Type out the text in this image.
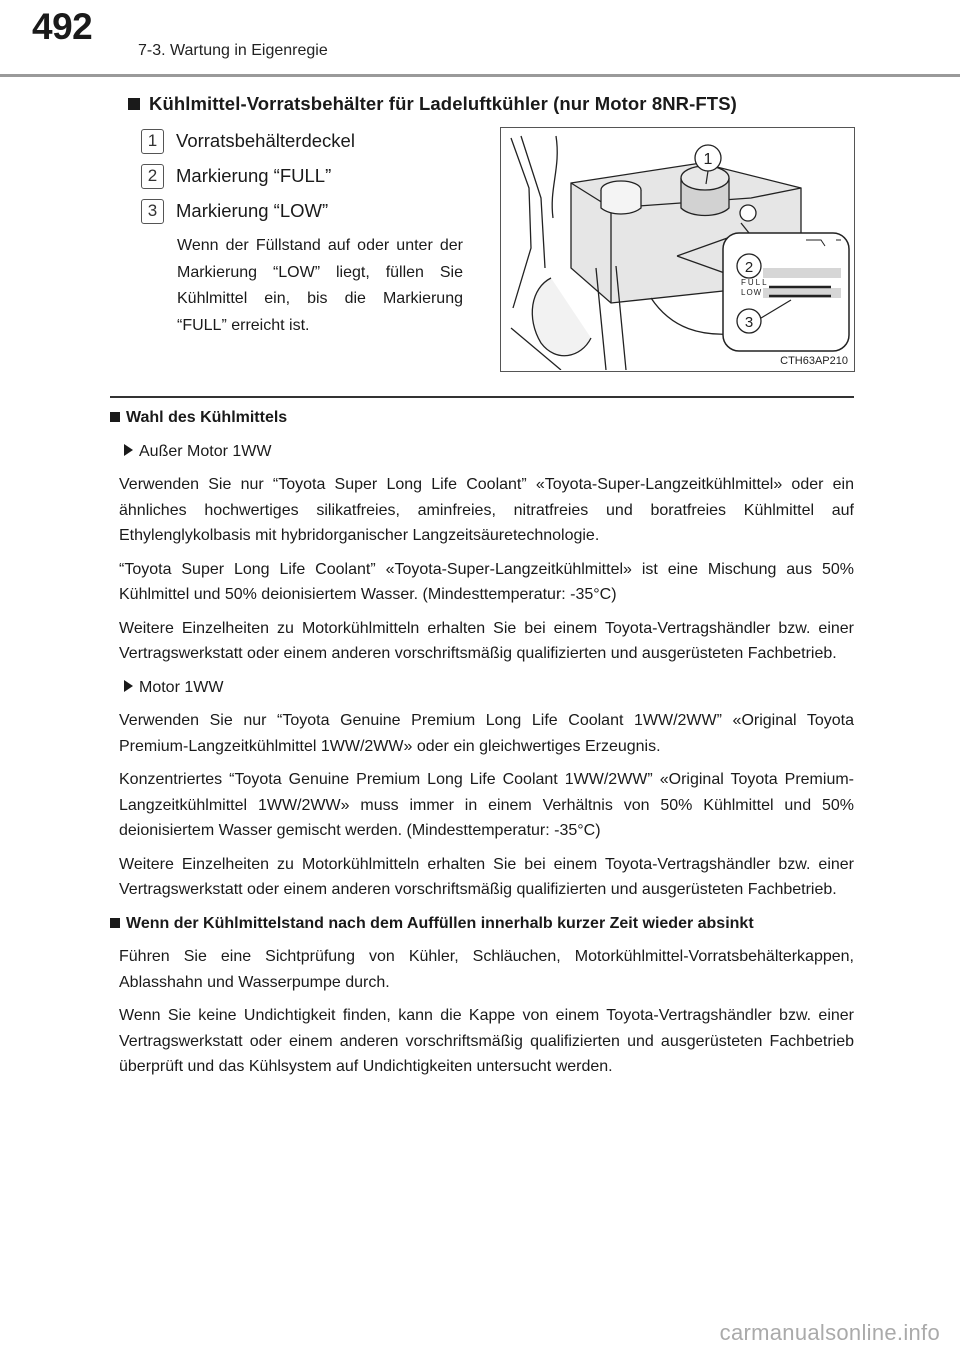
492
7-3. Wartung in Eigenregie
Kühlmittel-Vorratsbehälter für Ladeluftkühler (nur Motor 8NR-FTS)
1	Vorratsbehälterdeckel
2	Markierung “FULL”
3	Markierung “LOW”
Wenn der Füllstand auf oder unter der Markierung “LOW” liegt, füllen Sie Kühlmittel ein, bis die Markierung “FULL” erreicht ist.
1
FULL
LOW
2
3
CTH63AP210
Wahl des Kühlmittels
Außer Motor 1WW
Verwenden Sie nur “Toyota Super Long Life Coolant” «Toyota-Super-Langzeitkühlmittel» oder ein ähnliches hochwertiges silikatfreies, aminfreies, nitratfreies und boratfreies Kühlmittel auf Ethylenglykolbasis mit hybridorganischer Langzeitsäuretechnologie.
“Toyota Super Long Life Coolant” «Toyota-Super-Langzeitkühlmittel» ist eine Mischung aus 50% Kühlmittel und 50% deionisiertem Wasser. (Mindesttemperatur: -35°C)
Weitere Einzelheiten zu Motorkühlmitteln erhalten Sie bei einem Toyota-Vertragshändler bzw. einer Vertragswerkstatt oder einem anderen vorschriftsmäßig qualifizierten und ausgerüsteten Fachbetrieb.
Motor 1WW
Verwenden Sie nur “Toyota Genuine Premium Long Life Coolant 1WW/2WW” «Original Toyota Premium-Langzeitkühlmittel 1WW/2WW» oder ein gleichwertiges Erzeugnis.
Konzentriertes “Toyota Genuine Premium Long Life Coolant 1WW/2WW” «Original Toyota Premium-Langzeitkühlmittel 1WW/2WW» muss immer in einem Verhältnis von 50% Kühlmittel und 50% deionisiertem Wasser gemischt werden. (Mindesttemperatur: -35°C)
Weitere Einzelheiten zu Motorkühlmitteln erhalten Sie bei einem Toyota-Vertragshändler bzw. einer Vertragswerkstatt oder einem anderen vorschriftsmäßig qualifizierten und ausgerüsteten Fachbetrieb.
Wenn der Kühlmittelstand nach dem Auffüllen innerhalb kurzer Zeit wieder absinkt
Führen Sie eine Sichtprüfung von Kühler, Schläuchen, Motorkühlmittel-Vorratsbehälterkappen, Ablasshahn und Wasserpumpe durch.
Wenn Sie keine Undichtigkeit finden, kann die Kappe von einem Toyota-Vertragshändler bzw. einer Vertragswerkstatt oder einem anderen vorschriftsmäßig qualifizierten und ausgerüsteten Fachbetrieb überprüft und das Kühlsystem auf Undichtigkeiten untersucht werden.
carmanualsonline.info
